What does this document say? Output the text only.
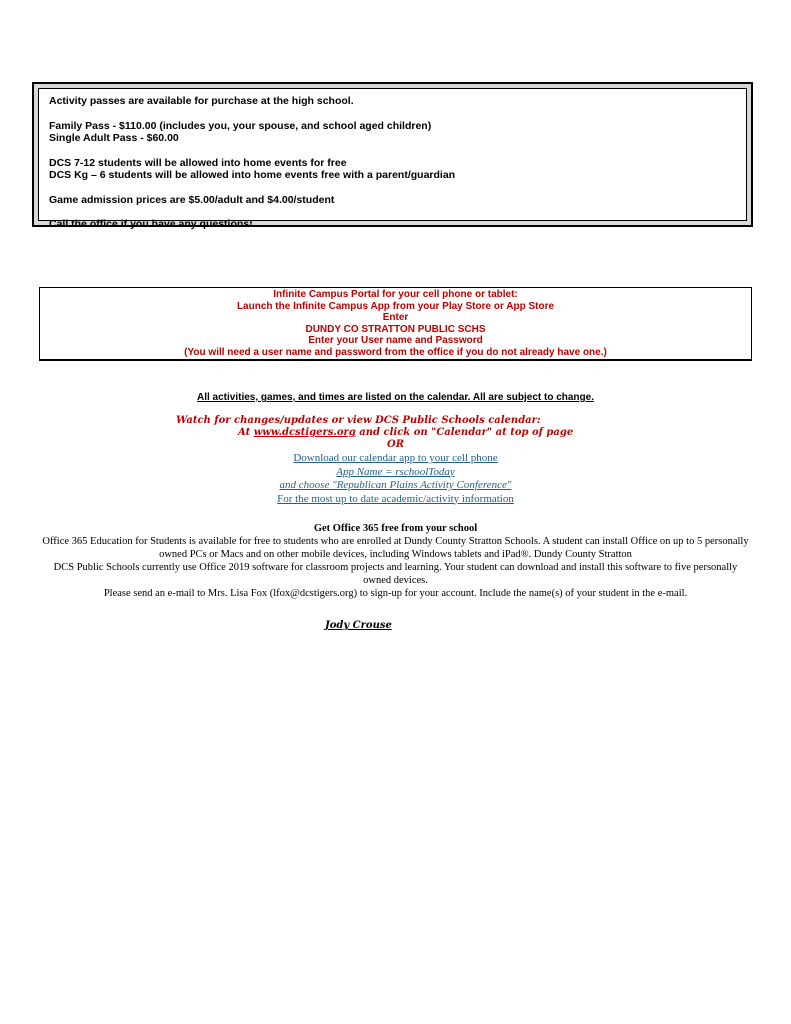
Activity passes are available for purchase at the high school.

Family Pass - $110.00 (includes you, your spouse, and school aged children)

Single Adult Pass - $60.00

DCS 7-12 students will be allowed into home events for free

DCS Kg – 6 students will be allowed into home events free with a parent/guardian

Game admission prices are $5.00/adult and $4.00/student

Call the office if you have any questions!

Infinite Campus Portal for your cell phone or tablet:
Launch the Infinite Campus App from your Play Store or App Store
Enter
DUNDY CO STRATTON PUBLIC SCHS
Enter your User name and Password
(You will need a user name and password from the office if you do not already have one.)
All activities, games, and times are listed on the calendar. All are subject to change.
Watch for changes/updates or view DCS Public Schools calendar:
At www.dcstigers.org and click on "Calendar" at top of page
OR
Download our calendar app to your cell phone
App Name = rschoolToday
and choose "Republican Plains Activity Conference"
For the most up to date academic/activity information

Get Office 365 free from your school

Office 365 Education for Students is available for free to students who are enrolled at Dundy County Stratton Schools. A student can install Office on up to 5 personally owned PCs or Macs and on other mobile devices, including Windows tablets and iPad®. Dundy County Stratton

DCS Public Schools currently use Office 2019 software for classroom projects and learning. Your student can download and install this software to five personally owned devices.

Please send an e-mail to Mrs. Lisa Fox (lfox@dcstigers.org) to sign-up for your account. Include the name(s) of your student in the e-mail.

Jody Crouse
